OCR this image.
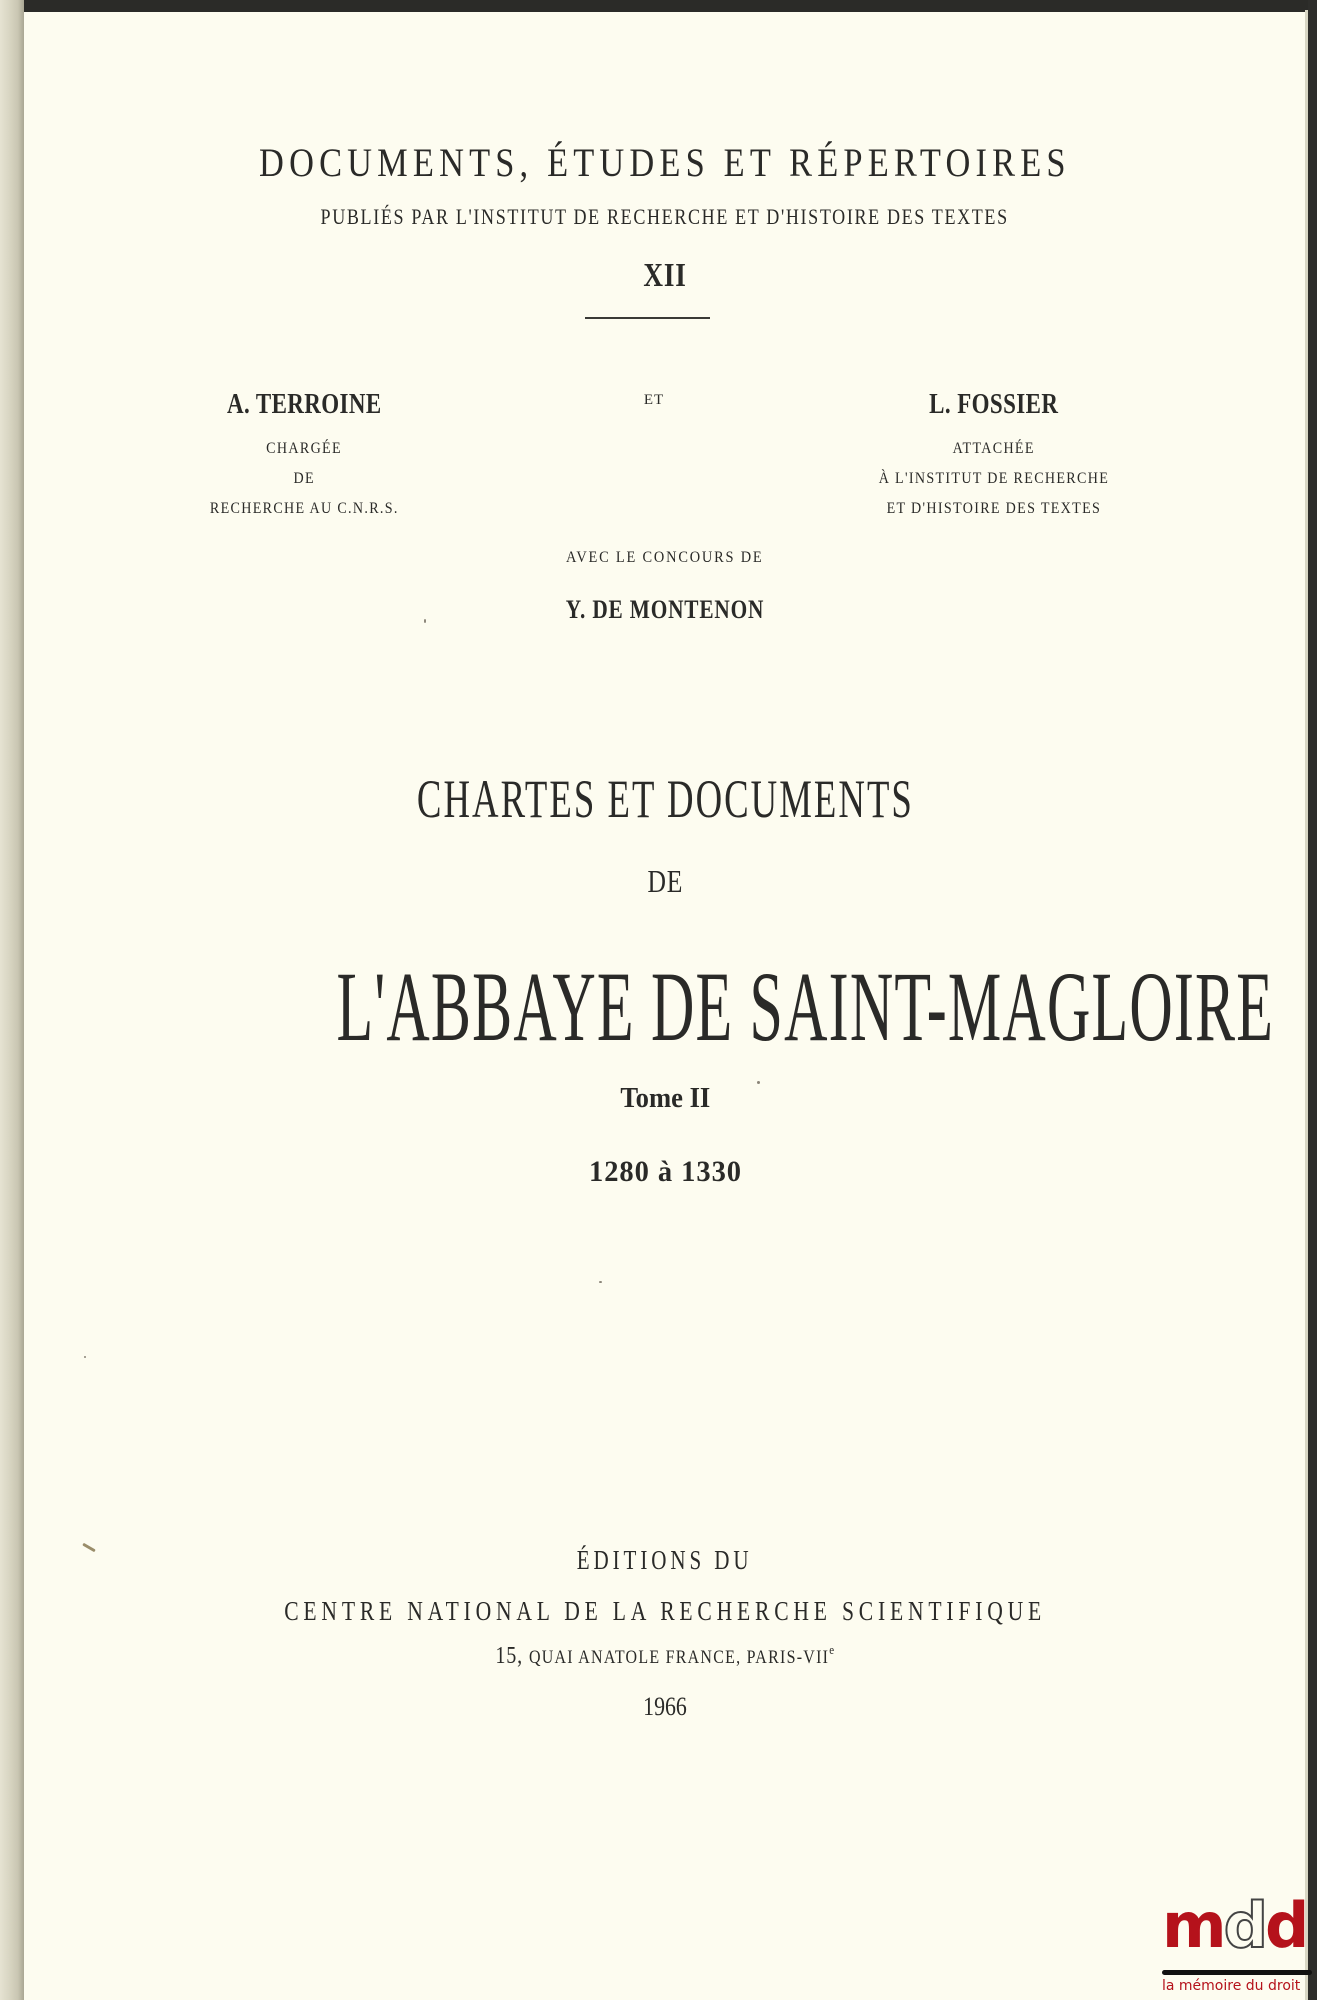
DOCUMENTS, ÉTUDES ET RÉPERTOIRES
PUBLIÉS PAR L'INSTITUT DE RECHERCHE ET D'HISTOIRE DES TEXTES
XII
A. TERROINE
CHARGÉE
DE
RECHERCHE AU C.N.R.S.
ET	L. FOSSIER
ATTACHÉE
À L'INSTITUT DE RECHERCHE
ET D'HISTOIRE DES TEXTES
AVEC LE CONCOURS DE
Y. DE MONTENON
CHARTES ET DOCUMENTS
DE
L'ABBAYE DE SAINT-MAGLOIRE
Tome II
1280 à 1330
ÉDITIONS DU
CENTRE NATIONAL DE LA RECHERCHE SCIENTIFIQUE
15, QUAI ANATOLE FRANCE, PARIS-VIIe
1966
mdd
la mémoire du droit
